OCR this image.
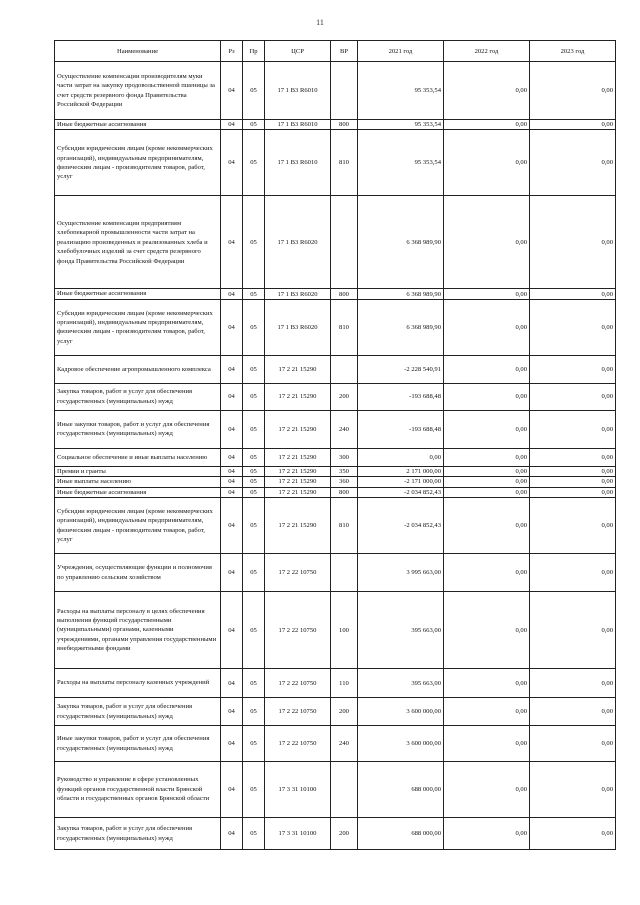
11
Наименование	Рз	Пр	ЦСР	ВР	2021 год	2022 год	2023 год
Осуществление компенсации производителям муки части затрат на закупку продовольственной пшеницы за счет средств резервного фонда Правительства Российской Федерации	04	05	17 1 В3 R6010		95 353,54	0,00	0,00
Иные бюджетные ассигнования	04	05	17 1 В3 R6010	800	95 353,54	0,00	0,00
Субсидии юридическим лицам (кроме некоммерческих организаций), индивидуальным предпринимателям, физическим лицам - производителям товаров, работ, услуг	04	05	17 1 В3 R6010	810	95 353,54	0,00	0,00
Осуществление компенсации предприятиям хлебопекарной промышленности части затрат на реализацию произведенных и реализованных хлеба и хлебобулочных изделий за счет средств резервного фонда Правительства Российской Федерации	04	05	17 1 В3 R6020		6 368 989,90	0,00	0,00
Иные бюджетные ассигнования	04	05	17 1 В3 R6020	800	6 368 989,90	0,00	0,00
Субсидии юридическим лицам (кроме некоммерческих организаций), индивидуальным предпринимателям, физическим лицам - производителям товаров, работ, услуг	04	05	17 1 В3 R6020	810	6 368 989,90	0,00	0,00
Кадровое обеспечение агропромышленного комплекса	04	05	17 2 21 15290		-2 228 540,91	0,00	0,00
Закупка товаров, работ и услуг для обеспечения государственных (муниципальных) нужд	04	05	17 2 21 15290	200	-193 688,48	0,00	0,00
Иные закупки товаров, работ и услуг для обеспечения государственных (муниципальных) нужд	04	05	17 2 21 15290	240	-193 688,48	0,00	0,00
Социальное обеспечение и иные выплаты населению	04	05	17 2 21 15290	300	0,00	0,00	0,00
Премии и гранты	04	05	17 2 21 15290	350	2 171 000,00	0,00	0,00
Иные выплаты населению	04	05	17 2 21 15290	360	-2 171 000,00	0,00	0,00
Иные бюджетные ассигнования	04	05	17 2 21 15290	800	-2 034 852,43	0,00	0,00
Субсидии юридическим лицам (кроме некоммерческих организаций), индивидуальным предпринимателям, физическим лицам - производителям товаров, работ, услуг	04	05	17 2 21 15290	810	-2 034 852,43	0,00	0,00
Учреждения, осуществляющие функции и полномочия по управлению сельским хозяйством	04	05	17 2 22 10750		3 995 663,00	0,00	0,00
Расходы на выплаты персоналу в целях обеспечения выполнения функций государственными (муниципальными) органами, казенными учреждениями, органами управления государственными внебюджетными фондами	04	05	17 2 22 10750	100	395 663,00	0,00	0,00
Расходы на выплаты персоналу казенных учреждений	04	05	17 2 22 10750	110	395 663,00	0,00	0,00
Закупка товаров, работ и услуг для обеспечения государственных (муниципальных) нужд	04	05	17 2 22 10750	200	3 600 000,00	0,00	0,00
Иные закупки товаров, работ и услуг для обеспечения государственных (муниципальных) нужд	04	05	17 2 22 10750	240	3 600 000,00	0,00	0,00
Руководство и управление в сфере установленных функций органов государственной власти Брянской области и государственных органов Брянской области	04	05	17 3 31 10100		688 000,00	0,00	0,00
Закупка товаров, работ и услуг для обеспечения государственных (муниципальных) нужд	04	05	17 3 31 10100	200	688 000,00	0,00	0,00
